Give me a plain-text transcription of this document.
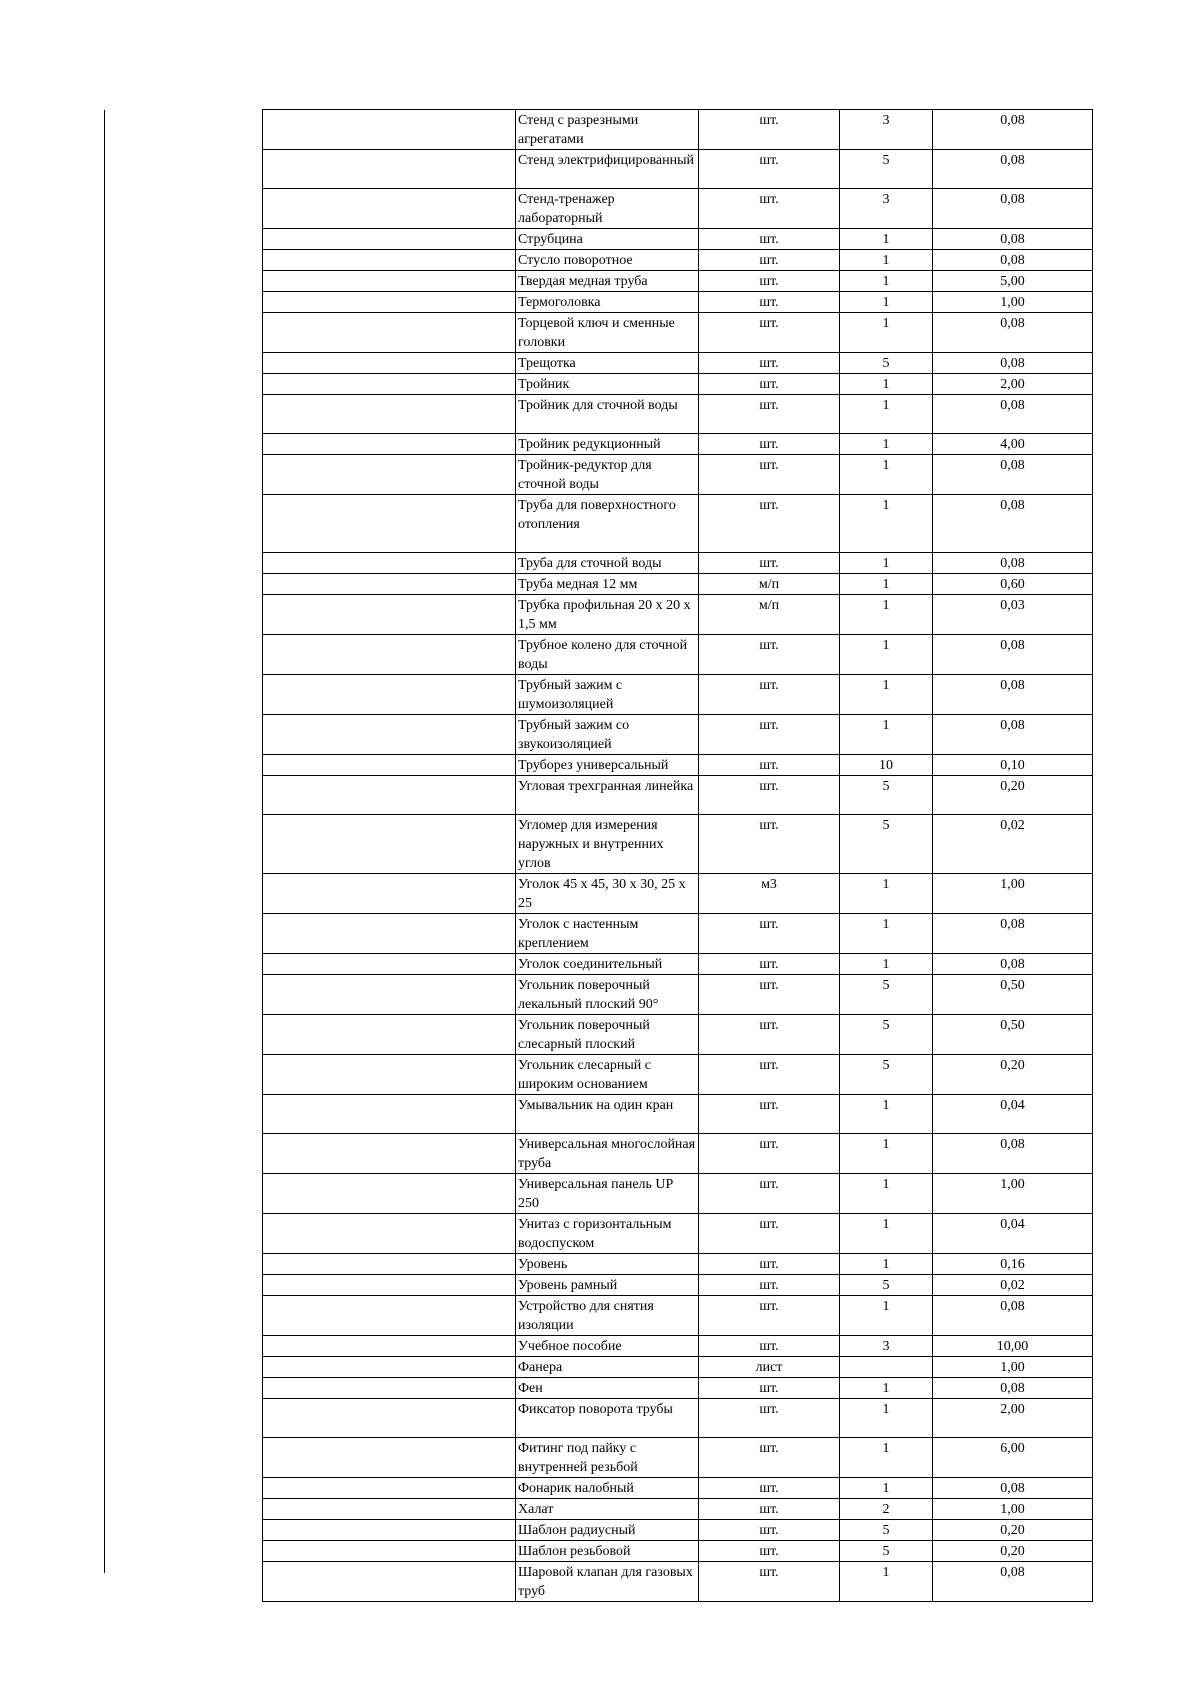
	Стенд с разрезными агрегатами	шт.	3	0,08
	Стенд электрифицированный	шт.	5	0,08
	Стенд-тренажер лабораторный	шт.	3	0,08
	Струбцина	шт.	1	0,08
	Стусло поворотное	шт.	1	0,08
	Твердая медная труба	шт.	1	5,00
	Термоголовка	шт.	1	1,00
	Торцевой ключ и сменные головки	шт.	1	0,08
	Трещотка	шт.	5	0,08
	Тройник	шт.	1	2,00
	Тройник для сточной воды	шт.	1	0,08
	Тройник редукционный	шт.	1	4,00
	Тройник-редуктор для сточной воды	шт.	1	0,08
	Труба для поверхностного отопления	шт.	1	0,08
	Труба для сточной воды	шт.	1	0,08
	Труба медная 12 мм	м/п	1	0,60
	Трубка профильная 20 х 20 х 1,5 мм	м/п	1	0,03
	Трубное колено для сточной воды	шт.	1	0,08
	Трубный зажим с шумоизоляцией	шт.	1	0,08
	Трубный зажим со звукоизоляцией	шт.	1	0,08
	Труборез универсальный	шт.	10	0,10
	Угловая трехгранная линейка	шт.	5	0,20
	Угломер для измерения наружных и внутренних углов	шт.	5	0,02
	Уголок 45 х 45, 30 х 30, 25 х 25	м3	1	1,00
	Уголок с настенным креплением	шт.	1	0,08
	Уголок соединительный	шт.	1	0,08
	Угольник поверочный лекальный плоский 90°	шт.	5	0,50
	Угольник поверочный слесарный плоский	шт.	5	0,50
	Угольник слесарный с широким основанием	шт.	5	0,20
	Умывальник на один кран	шт.	1	0,04
	Универсальная многослойная труба	шт.	1	0,08
	Универсальная панель UP 250	шт.	1	1,00
	Унитаз с горизонтальным водоспуском	шт.	1	0,04
	Уровень	шт.	1	0,16
	Уровень рамный	шт.	5	0,02
	Устройство для снятия изоляции	шт.	1	0,08
	Учебное пособие	шт.	3	10,00
	Фанера	лист		1,00
	Фен	шт.	1	0,08
	Фиксатор поворота трубы	шт.	1	2,00
	Фитинг под пайку с внутренней резьбой	шт.	1	6,00
	Фонарик налобный	шт.	1	0,08
	Халат	шт.	2	1,00
	Шаблон радиусный	шт.	5	0,20
	Шаблон резьбовой	шт.	5	0,20
	Шаровой клапан для газовых труб	шт.	1	0,08
